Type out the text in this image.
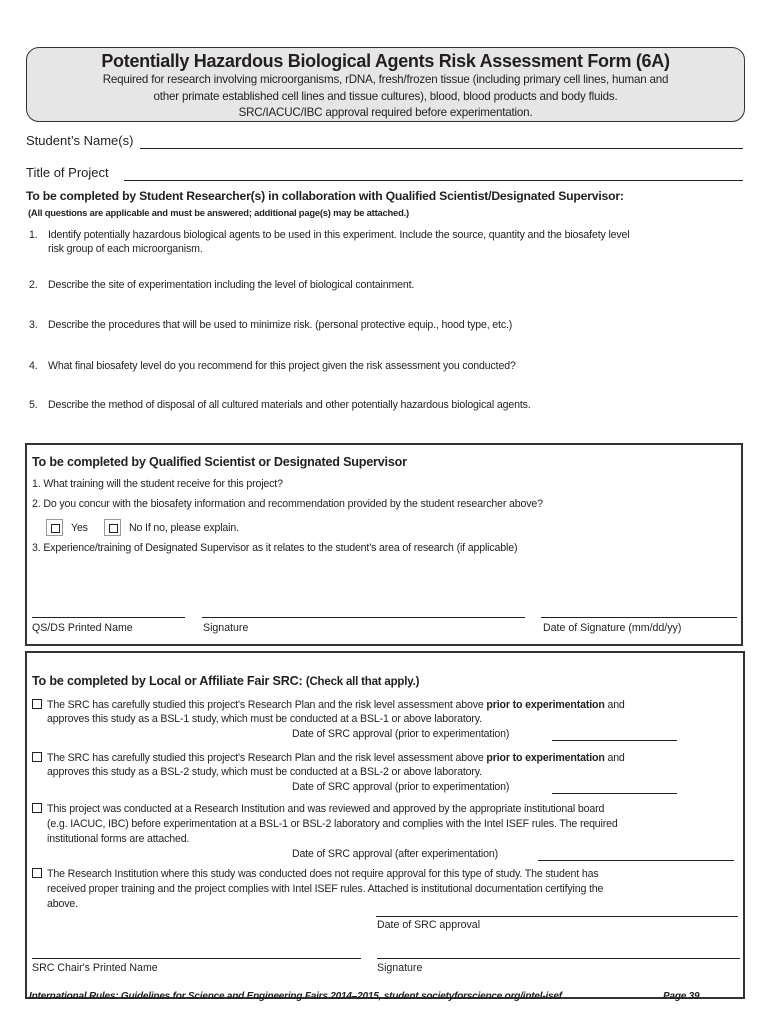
Potentially Hazardous Biological Agents Risk Assessment Form (6A)
Required for research involving microorganisms, rDNA, fresh/frozen tissue (including primary cell lines, human and
other primate established cell lines and tissue cultures), blood, blood products and body fluids.
SRC/IACUC/IBC approval required before experimentation.
Student’s Name(s)
Title of Project
To be completed by Student Researcher(s) in collaboration with Qualified Scientist/Designated Supervisor:
(All questions are applicable and must be answered; additional page(s) may be attached.)
1. Identify potentially hazardous biological agents to be used in this experiment. Include the source, quantity and the biosafety level
risk group of each microorganism.
2. Describe the site of experimentation including the level of biological containment.
3. Describe the procedures that will be used to minimize risk. (personal protective equip., hood type, etc.)
4. What final biosafety level do you recommend for this project given the risk assessment you conducted?
5. Describe the method of disposal of all cultured materials and other potentially hazardous biological agents.
To be completed by Qualified Scientist or Designated Supervisor
1. What training will the student receive for this project?
2. Do you concur with the biosafety information and recommendation provided by the student researcher above?
Yes	No If no, please explain.
3. Experience/training of Designated Supervisor as it relates to the student's area of research (if applicable)
QS/DS Printed Name	Signature	Date of Signature (mm/dd/yy)
To be completed by Local or Affiliate Fair SRC: (Check all that apply.)
The SRC has carefully studied this project's Research Plan and the risk level assessment above prior to experimentation and
approves this study as a BSL-1 study, which must be conducted at a BSL-1 or above laboratory.
Date of SRC approval (prior to experimentation)
The SRC has carefully studied this project's Research Plan and the risk level assessment above prior to experimentation and
approves this study as a BSL-2 study, which must be conducted at a BSL-2 or above laboratory.
Date of SRC approval (prior to experimentation)
This project was conducted at a Research Institution and was reviewed and approved by the appropriate institutional board
(e.g. IACUC, IBC) before experimentation at a BSL-1 or BSL-2 laboratory and complies with the Intel ISEF rules. The required
institutional forms are attached.
Date of SRC approval (after experimentation)
The Research Institution where this study was conducted does not require approval for this type of study. The student has
received proper training and the project complies with Intel ISEF rules. Attached is institutional documentation certifying the
above.
Date of SRC approval
SRC Chair's Printed Name	Signature
International Rules: Guidelines for Science and Engineering Fairs 2014–2015, student.societyforscience.org/intel-isef	Page 39
